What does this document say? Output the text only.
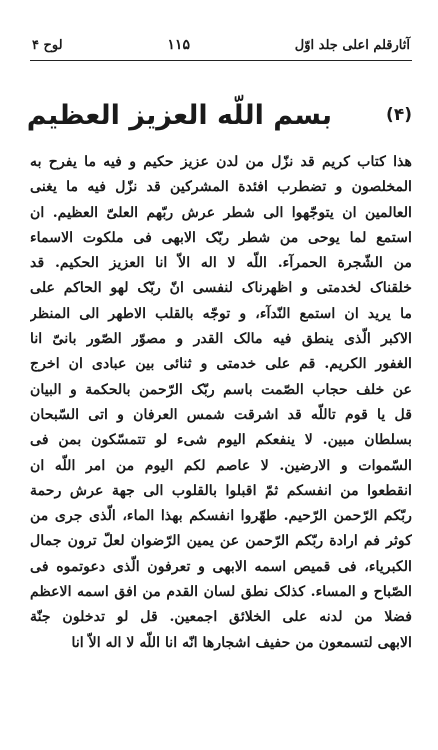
آثارقلم اعلی جلد اوّل
۱۱۵
لوح ۴
(۴)
بسم اللّه العزیز العظیم
هذا کتاب کریم قد نزّل من لدن عزیز حکیم و فیه ما یفرح به
المخلصون و تضطرب افئدة المشرکین قد نزّل فیه ما یغنی
العالمین ان یتوجّهوا الی شطر عرش ربّهم العلیّ العظیم. ان
استمع لما یوحی من شطر ربّک الابهی فی ملکوت الاسماء
من الشّجرة الحمرآء. اللّه لا اله الاّ انا العزیز الحکیم. قد
خلقناک لخدمتی و اظهرناک لنفسی انّ ربّک لهو الحاکم علی
ما یرید ان استمع النّدآء، و توجّه بالقلب الاطهر الی المنظر
الاکبر الّذی ینطق فیه مالک القدر و مصوّر الصّور بانیّ انا
الغفور الکریم. قم علی خدمتی و ثنائی بین عبادی ان اخرج
عن خلف حجاب الصّمت باسم ربّک الرّحمن بالحکمة و البیان
قل یا قوم تاللّه قد اشرقت شمس العرفان و اتی السّبحان
بسلطان مبین. لا ینفعکم الیوم شیء لو تتمسّکون بمن فی
السّموات و الارضین. لا عاصم لکم الیوم من امر اللّه ان
انقطعوا من انفسکم ثمّ اقبلوا بالقلوب الی جهة عرش رحمة
ربّکم الرّحمن الرّحیم. طهّروا انفسکم بهذا الماء، الّذی جری من
کوثر فم ارادة ربّکم الرّحمن عن یمین الرّضوان لعلّ ترون جمال
الکبریاء، فی قمیص اسمه الابهی و تعرفون الّذی دعوتموه فی
الصّباح و المساء. کذلک نطق لسان القدم من افق اسمه الاعظم
فضلا من لدنه علی الخلائق اجمعین. قل لو تدخلون جنّة
الابهی لتسمعون من حفیف اشجارها انّه انا اللّه لا اله الاّ انا
